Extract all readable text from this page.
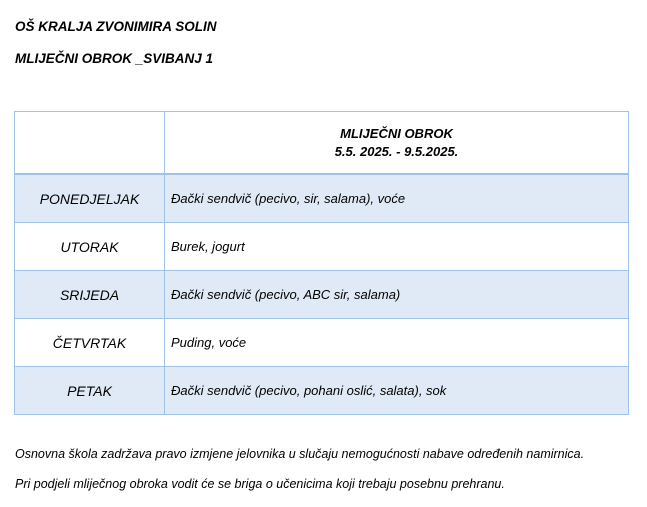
OŠ KRALJA ZVONIMIRA SOLIN
MLIJEČNI OBROK _SVIBANJ 1

	MLIJEČNI OBROK
5.5. 2025. - 9.5.2025.

PONEDJELJAK	Đački sendvič (pecivo, sir, salama), voće
UTORAK	Burek, jogurt
SRIJEDA	Đački sendvič (pecivo, ABC sir, salama)
ČETVRTAK	Puding, voće
PETAK	Đački sendvič (pecivo, pohani oslić, salata), sok
Osnovna škola zadržava pravo izmjene jelovnika u slučaju nemogućnosti nabave određenih namirnica.
Pri podjeli mliječnog obroka vodit će se briga o učenicima koji trebaju posebnu prehranu.
